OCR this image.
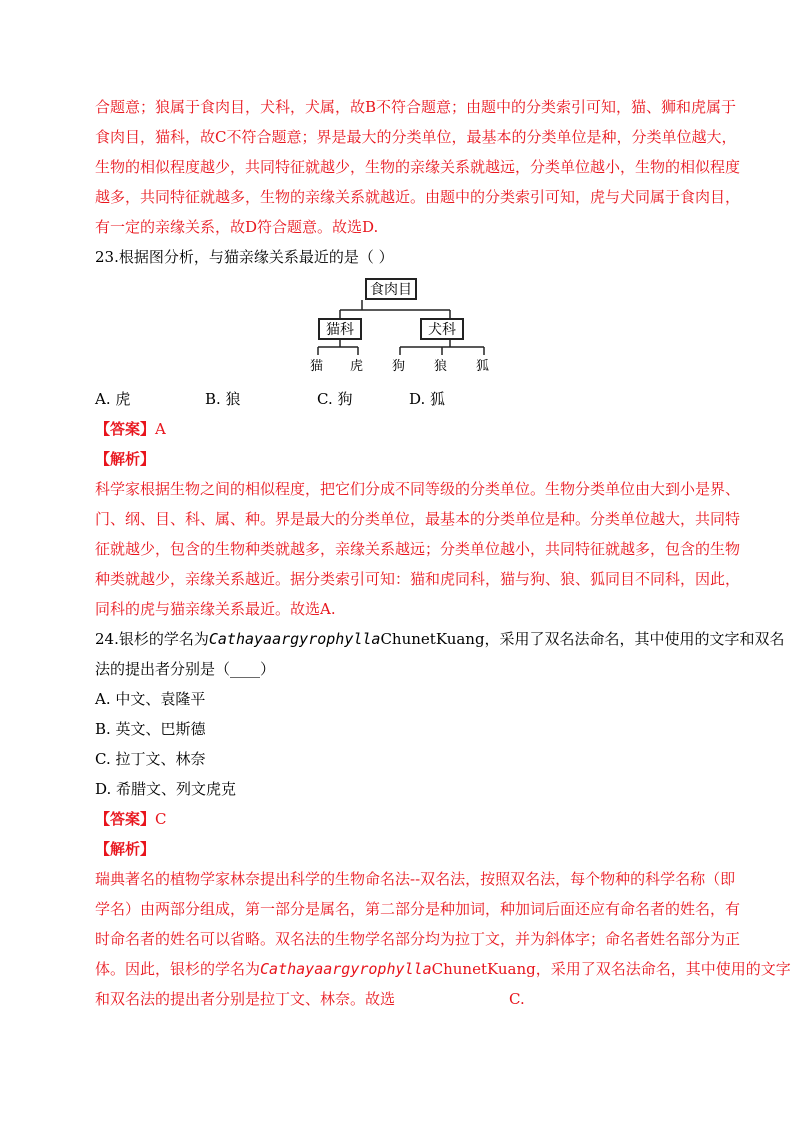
合题意；狼属于食肉目，犬科，犬属，故B不符合题意；由题中的分类索引可知，猫、狮和虎属于
食肉目，猫科，故C不符合题意；界是最大的分类单位，最基本的分类单位是种，分类单位越大，
生物的相似程度越少，共同特征就越少，生物的亲缘关系就越远，分类单位越小，生物的相似程度
越多，共同特征就越多，生物的亲缘关系就越近。由题中的分类索引可知，虎与犬同属于食肉目，
有一定的亲缘关系，故D符合题意。故选D.
23.根据图分析，与猫亲缘关系最近的是（ ）
A. 虎	B. 狼	C. 狗	D. 狐
【答案】A
【解析】
科学家根据生物之间的相似程度，把它们分成不同等级的分类单位。生物分类单位由大到小是界、
门、纲、目、科、属、种。界是最大的分类单位，最基本的分类单位是种。分类单位越大，共同特
征就越少，包含的生物种类就越多，亲缘关系越远；分类单位越小，共同特征就越多，包含的生物
种类就越少，亲缘关系越近。据分类索引可知：猫和虎同科，猫与狗、狼、狐同目不同科，因此，
同科的虎与猫亲缘关系最近。故选A.
24.银杉的学名为CathayaargyrophyllaChunetKuang，采用了双名法命名，其中使用的文字和双名
法的提出者分别是（____）
A. 中文、袁隆平
B. 英文、巴斯德
C. 拉丁文、林奈
D. 希腊文、列文虎克
【答案】C
【解析】
瑞典著名的植物学家林奈提出科学的生物命名法--双名法，按照双名法，每个物种的科学名称（即
学名）由两部分组成，第一部分是属名，第二部分是种加词，种加词后面还应有命名者的姓名，有
时命名者的姓名可以省略。双名法的生物学名部分均为拉丁文，并为斜体字；命名者姓名部分为正
体。因此，银杉的学名为CathayaargyrophyllaChunetKuang，采用了双名法命名，其中使用的文字
和双名法的提出者分别是拉丁文、林奈。故选	C.
食肉目
猫科	犬科
猫 虎 狗 狼 狐
